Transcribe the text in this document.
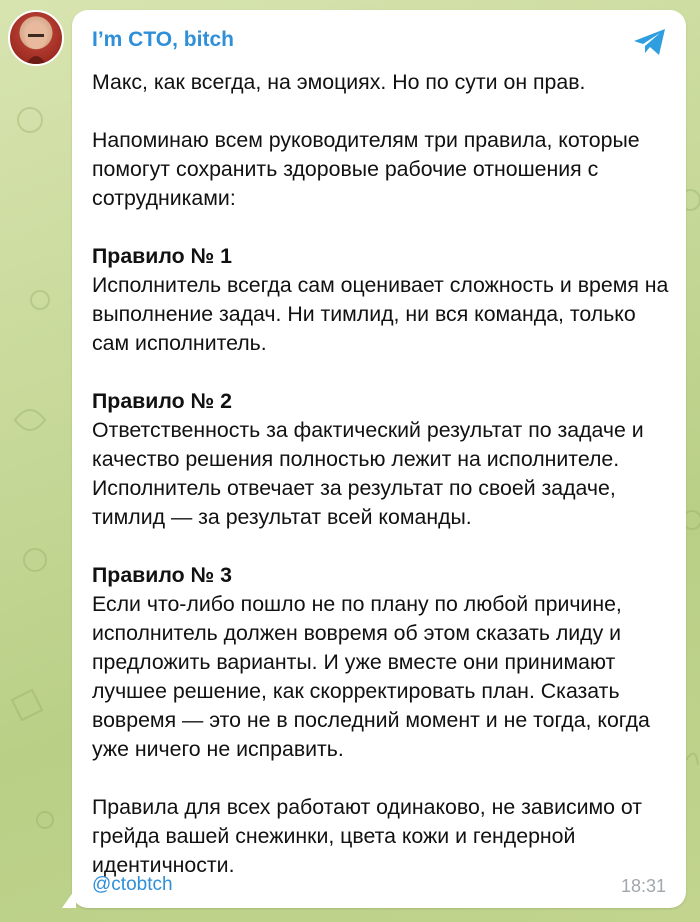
I’m CTO, bitch

Макс, как всегда, на эмоциях. Но по сути он прав.

Напоминаю всем руководителям три правила, которые помогут сохранить здоровые рабочие отношения с сотрудниками:

Правило № 1

Исполнитель всегда сам оценивает сложность и время на выполнение задач. Ни тимлид, ни вся команда, только сам исполнитель.

Правило № 2

Ответственность за фактический результат по задаче и качество решения полностью лежит на исполнителе. Исполнитель отвечает за результат по своей задаче, тимлид — за результат всей команды.

Правило № 3

Если что-либо пошло не по плану по любой причине, исполнитель должен вовремя об этом сказать лиду и предложить варианты. И уже вместе они принимают лучшее решение, как скорректировать план. Сказать вовремя — это не в последний момент и не тогда, когда уже ничего не исправить.

Правила для всех работают одинаково, не зависимо от грейда вашей снежинки, цвета кожи и гендерной идентичности.

@ctobtch	18:31
